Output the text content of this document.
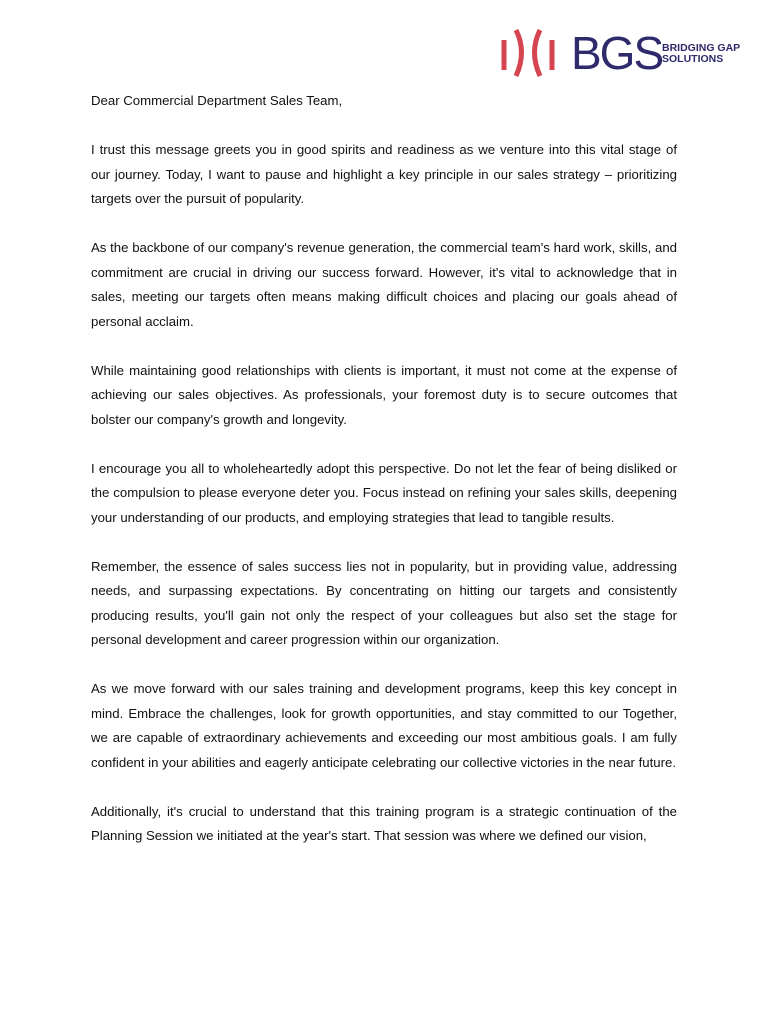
BGS BRIDGING GAP
SOLUTIONS

Dear Commercial Department Sales Team,

I trust this message greets you in good spirits and readiness as we venture into this vital stage of our journey. Today, I want to pause and highlight a key principle in our sales strategy – prioritizing targets over the pursuit of popularity.

As the backbone of our company's revenue generation, the commercial team's hard work, skills, and commitment are crucial in driving our success forward. However, it's vital to acknowledge that in sales, meeting our targets often means making difficult choices and placing our goals ahead of personal acclaim.

While maintaining good relationships with clients is important, it must not come at the expense of achieving our sales objectives. As professionals, your foremost duty is to secure outcomes that bolster our company's growth and longevity.

I encourage you all to wholeheartedly adopt this perspective. Do not let the fear of being disliked or the compulsion to please everyone deter you. Focus instead on refining your sales skills, deepening your understanding of our products, and employing strategies that lead to tangible results.

Remember, the essence of sales success lies not in popularity, but in providing value, addressing needs, and surpassing expectations. By concentrating on hitting our targets and consistently producing results, you'll gain not only the respect of your colleagues but also set the stage for personal development and career progression within our organization.

As we move forward with our sales training and development programs, keep this key concept in mind. Embrace the challenges, look for growth opportunities, and stay committed to our Together, we are capable of extraordinary achievements and exceeding our most ambitious goals. I am fully confident in your abilities and eagerly anticipate celebrating our collective victories in the near future.

Additionally, it's crucial to understand that this training program is a strategic continuation of the Planning Session we initiated at the year's start. That session was where we defined our vision,
